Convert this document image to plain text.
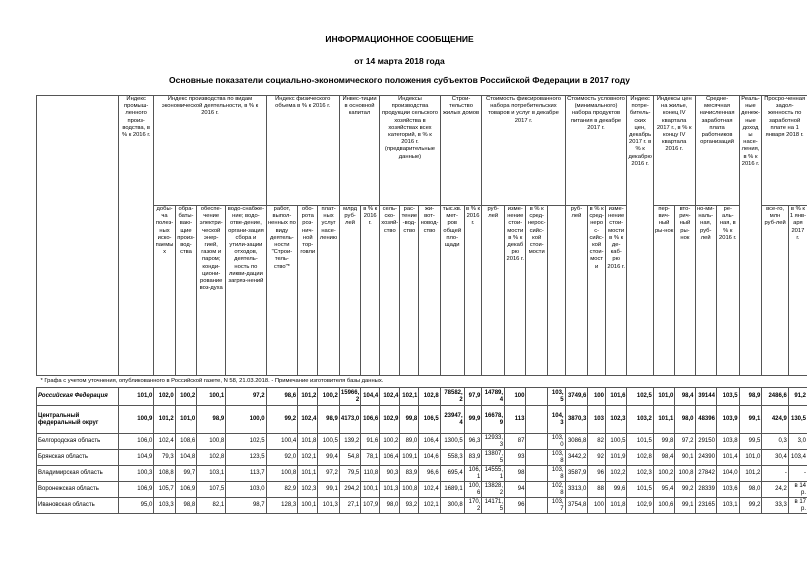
ИНФОРМАЦИОННОЕ СООБЩЕНИЕ
от 14 марта 2018 года
Основные показатели социально-экономического положения субъектов Российской Федерации в 2017 году
	Индекс промыш-ленного произ-водства, в % к 2016 г.	Индекс производства по видам экономической деятельности, в % к 2016 г.				Индекс физического объема в % к 2016 г.			Инвес-тиции в основной капитал		Индексы производства продукции сельского хозяйства в хозяйствах всех категорий, в % к 2016 г. (предварительные данные)			Строи-тельство жилых домов		Стоимость фиксированного набора потребительских товаров и услуг в декабре 2017 г.				Стоимость условного (минимального) набора продуктов питания в декабре 2017 г.			Индекс потре-битель-ских цен, декабрь 2017 г. в % к декабрю 2016 г.	Индексы цен на жилье, конец IV квартала 2017 г., в % к концу IV квартала 2016 г.		Средне-месячная начисленная заработная плата работников организаций		Реаль-ные денеж-ные доходы насе-ления, в % к 2016 г.	Просро-ченная задол-женность по заработной плате на 1 января 2018 г.	
		добы-ча полез-ных иско-паемых	обра-баты-ваю-щие произ-вод-ства	обеспе-чение электри-ческой энер-гией, газом и паром; конди-циони-рование воз-духа	водо-снабже-ние; водо-отве-дение, органи-зация сбора и утили-зации отходов, деятель-ность по ликви-дации загряз-нений	работ, выпол-ненных по виду деятель-ности "Строи-тель-ство"*	обо-рота роз-нич-ной тор-говли	плат-ных услуг насе-лению	млрд руб-лей	в % к 2016 г.	сель-ско-хозяй-ство	рас-тение-вод-ство	жи-вот-новод-ство	тыс.кв. мет-ров общей пло-щади	в % к 2016 г.	руб-лей	изме-нение стои-мости в % к декабрю 2016 г.	в % к сред-нерос-сийс-кой стои-мости		руб-лей	в % к сред-нерос-сийс-кой стои-мости	изме-нение стои-мости в % к де-каб-рю 2016 г.		пер-вич-ный ры-нок	вто-рич-ный ры-нок	но-ми-наль-ная, руб-лей	ре-аль-ная, в % к 2016 г.		все-го, млн руб-лей	в % к 1 янв-аря 2017 г.
* Графа с учетом уточнения, опубликованного в Российской газете, N 58, 21.03.2018. - Примечание изготовителя базы данных.																														
Российская Федерация	101,0	102,0	100,2	100,1	97,2	98,6	101,2	100,2	15966,2	104,4	102,4	102,1	102,8	78582,2	97,9	14789,4	100		103,5	3749,6	100	101,6	102,5	101,0	98,4	39144	103,5	98,9	2486,6	91,2
Центральный федеральный округ	100,9	101,2	101,0	98,9	100,0	99,2	102,4	98,9	4173,0	106,6	102,9	99,8	106,5	23947,4	99,9	16678,9	113		104,3	3870,3	103	102,3	103,2	101,1	98,0	48396	103,9	99,1	424,9	130,5
Белгородская область	106,0	102,4	108,6	100,8	102,5	100,4	101,8	100,5	139,2	91,6	100,2	89,0	106,4	1300,5	96,3	12933,3	87		103,0	3086,8	82	100,5	101,5	99,8	97,2	29150	103,8	99,5	0,3	3,0
Брянская область	104,9	79,3	104,8	102,8	123,5	92,0	102,1	99,4	54,8	78,1	106,4	109,1	104,6	558,3	83,9	13807,5	93		103,8	3442,2	92	101,9	102,8	98,4	90,1	24390	101,4	101,0	30,4	103,4
Владимирская область	100,3	108,8	99,7	103,1	113,7	100,8	101,1	97,2	79,5	110,8	90,3	83,9	96,6	695,4	106,1	14555,1	98		103,8	3587,9	96	102,2	102,3	100,2	100,8	27842	104,0	101,2	-	-
Воронежская область	106,9	105,7	106,9	107,5	103,0	82,9	102,3	99,1	294,2	100,1	101,3	100,8	102,4	1689,1	100,6	13828,2	94		102,8	3313,0	88	99,6	101,5	95,4	99,2	28339	103,6	98,0	24,2	в 14 р.
Ивановская область	95,0	103,3	98,8	82,1	98,7	128,3	100,1	101,3	27,1	107,9	98,0	93,2	102,1	300,8	170,2	14171,5	96		103,7	3754,8	100	101,8	102,9	100,6	99,1	23165	103,1	99,2	33,3	в 17 р.
